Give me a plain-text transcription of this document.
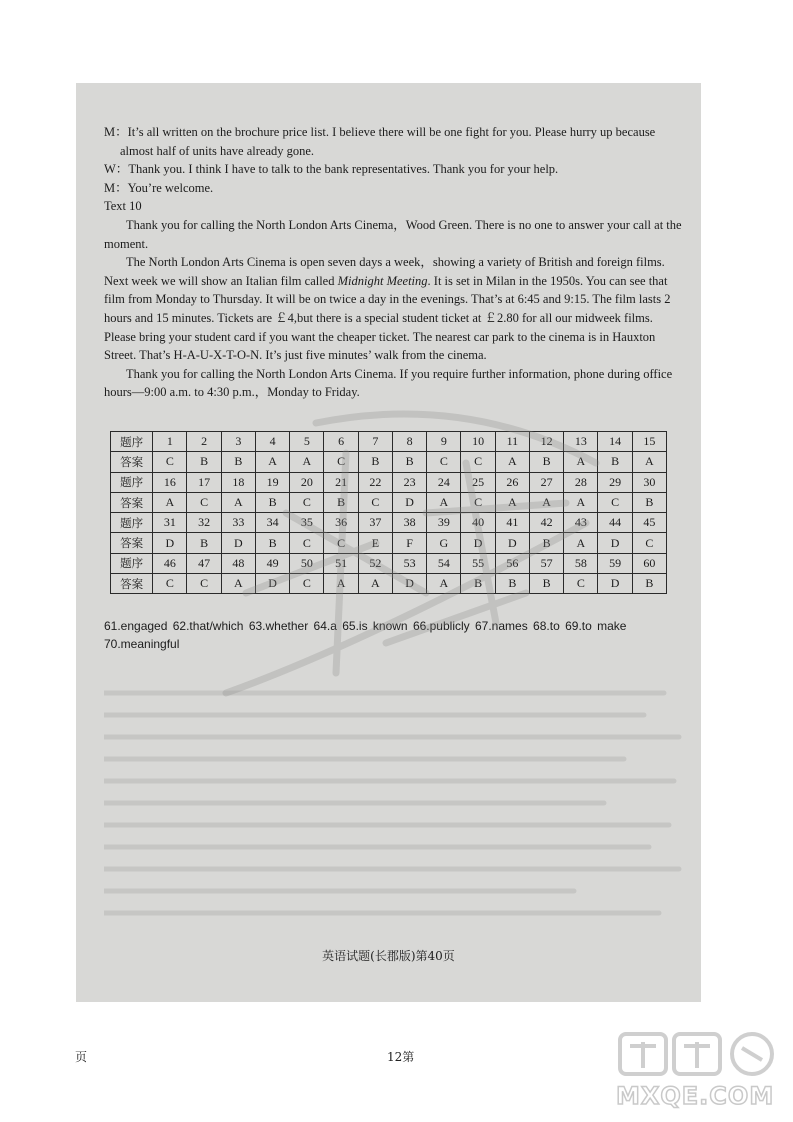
M：It’s all written on the brochure price list. I believe there will be one fight for you. Please hurry up because almost half of units have already gone.

W：Thank you. I think I have to talk to the bank representatives. Thank you for your help.

M：You’re welcome.

Text 10

Thank you for calling the North London Arts Cinema，Wood Green. There is no one to answer your call at the moment.

The North London Arts Cinema is open seven days a week，showing a variety of British and foreign films. Next week we will show an Italian film called Midnight Meeting. It is set in Milan in the 1950s. You can see that film from Monday to Thursday. It will be on twice a day in the evenings. That’s at 6:45 and 9:15. The film lasts 2 hours and 15 minutes. Tickets are ￡4,but there is a special student ticket at ￡2.80 for all our midweek films. Please bring your student card if you want the cheaper ticket. The nearest car park to the cinema is in Hauxton Street. That’s H-A-U-X-T-O-N. It’s just five minutes’ walk from the cinema.

Thank you for calling the North London Arts Cinema. If you require further information, phone during office hours—9:00 a.m. to 4:30 p.m.，Monday to Friday.

题序	1	2	3	4	5	6	7	8	9	10	11	12	13	14	15
答案	C	B	B	A	A	C	B	B	C	C	A	B	A	B	A
题序	16	17	18	19	20	21	22	23	24	25	26	27	28	29	30
答案	A	C	A	B	C	B	C	D	A	C	A	A	A	C	B
题序	31	32	33	34	35	36	37	38	39	40	41	42	43	44	45
答案	D	B	D	B	C	C	E	F	G	D	D	B	A	D	C
题序	46	47	48	49	50	51	52	53	54	55	56	57	58	59	60
答案	C	C	A	D	C	A	A	D	A	B	B	B	C	D	B
61.engaged 62.that/which 63.whether 64.a 65.is known 66.publicly 67.names 68.to 69.to make 70.meaningful
英语试题(长郡版)第40页
页	12第
MXQE.COM
